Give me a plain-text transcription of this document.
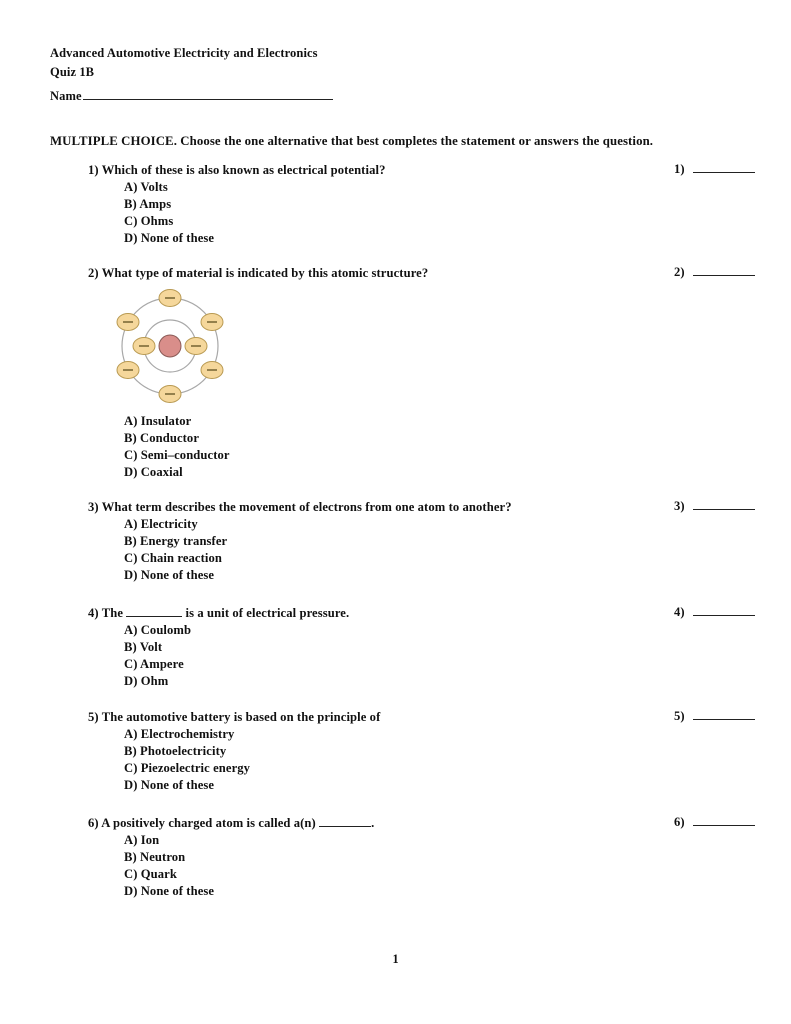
Advanced Automotive Electricity and Electronics
Quiz 1B
Name
MULTIPLE CHOICE. Choose the one alternative that best completes the statement or answers the question.
1) Which of these is also known as electrical potential?
A) Volts
B) Amps
C) Ohms
D) None of these
1)
2) What type of material is indicated by this atomic structure?	2)
A) Insulator
B) Conductor
C) Semi–conductor
D) Coaxial
3) What term describes the movement of electrons from one atom to another?
A) Electricity
B) Energy transfer
C) Chain reaction
D) None of these
3)
4) The	is a unit of electrical pressure.
A) Coulomb
B) Volt
C) Ampere
D) Ohm
4)
5) The automotive battery is based on the principle of
A) Electrochemistry
B) Photoelectricity
C) Piezoelectric energy
D) None of these
5)
6) A positively charged atom is called a(n)	.
A) Ion
B) Neutron
C) Quark
D) None of these
6)
1
